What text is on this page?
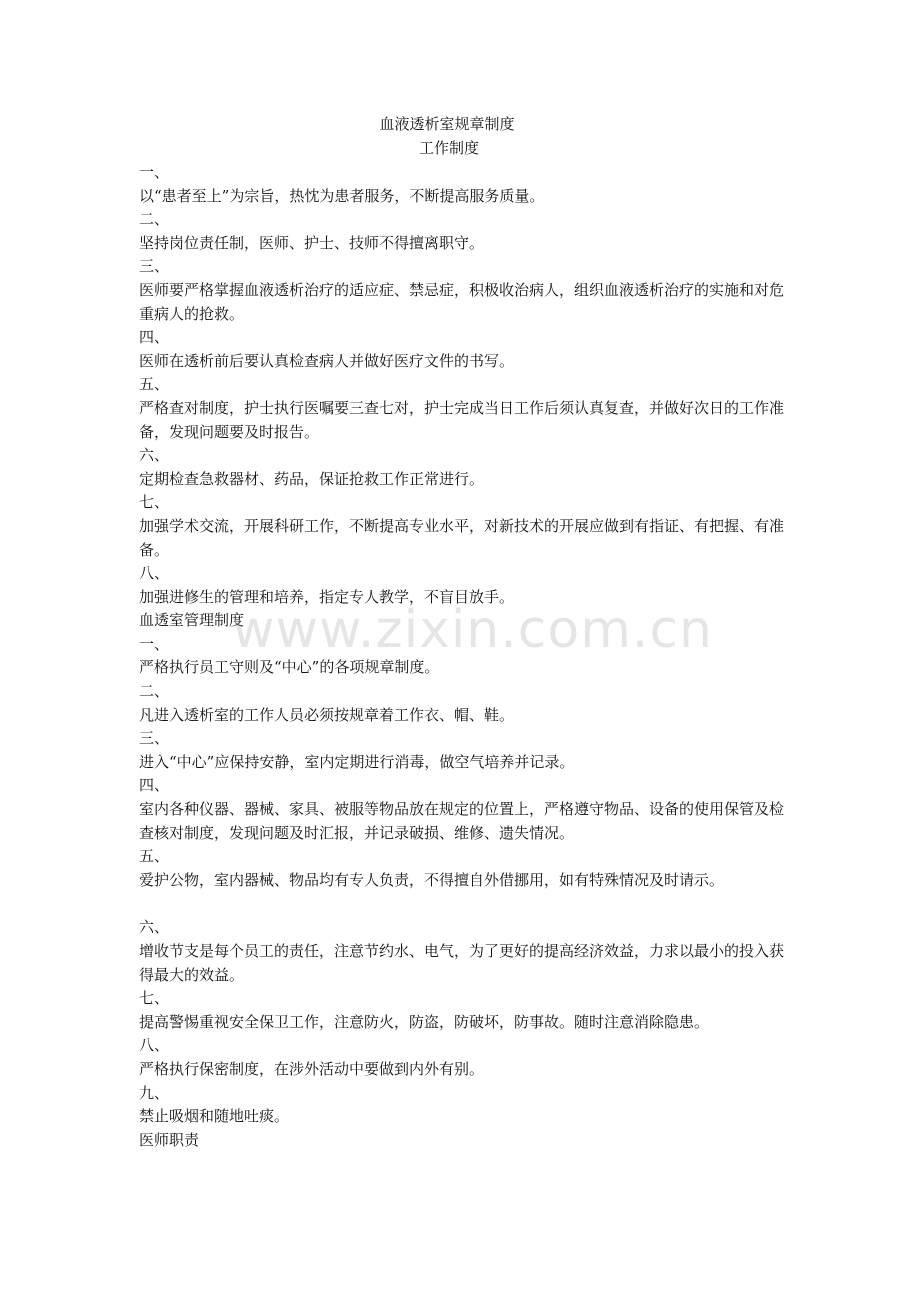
血液透析室规章制度
工作制度

一、

以“患者至上”为宗旨，热忱为患者服务，不断提高服务质量。

二、

坚持岗位责任制，医师、护士、技师不得擅离职守。

三、

医师要严格掌握血液透析治疗的适应症、禁忌症，积极收治病人，组织血液透析治疗的实施和对危重病人的抢救。

四、

医师在透析前后要认真检查病人并做好医疗文件的书写。

五、

严格查对制度，护士执行医嘱要三查七对，护士完成当日工作后须认真复查，并做好次日的工作准备，发现问题要及时报告。

六、

定期检查急救器材、药品，保证抢救工作正常进行。

七、

加强学术交流，开展科研工作，不断提高专业水平，对新技术的开展应做到有指证、有把握、有准备。

八、

加强进修生的管理和培养，指定专人教学，不盲目放手。

血透室管理制度

一、

严格执行员工守则及“中心”的各项规章制度。

二、

凡进入透析室的工作人员必须按规章着工作衣、帽、鞋。

三、

进入“中心”应保持安静，室内定期进行消毒，做空气培养并记录。

四、

室内各种仪器、器械、家具、被服等物品放在规定的位置上，严格遵守物品、设备的使用保管及检查核对制度，发现问题及时汇报，并记录破损、维修、遗失情况。

五、

爱护公物，室内器械、物品均有专人负责，不得擅自外借挪用，如有特殊情况及时请示。

六、

增收节支是每个员工的责任，注意节约水、电气，为了更好的提高经济效益，力求以最小的投入获得最大的效益。

七、

提高警惕重视安全保卫工作，注意防火，防盗，防破坏，防事故。随时注意消除隐患。

八、

严格执行保密制度，在涉外活动中要做到内外有别。

九、

禁止吸烟和随地吐痰。

医师职责

www.zixin.com.cn
